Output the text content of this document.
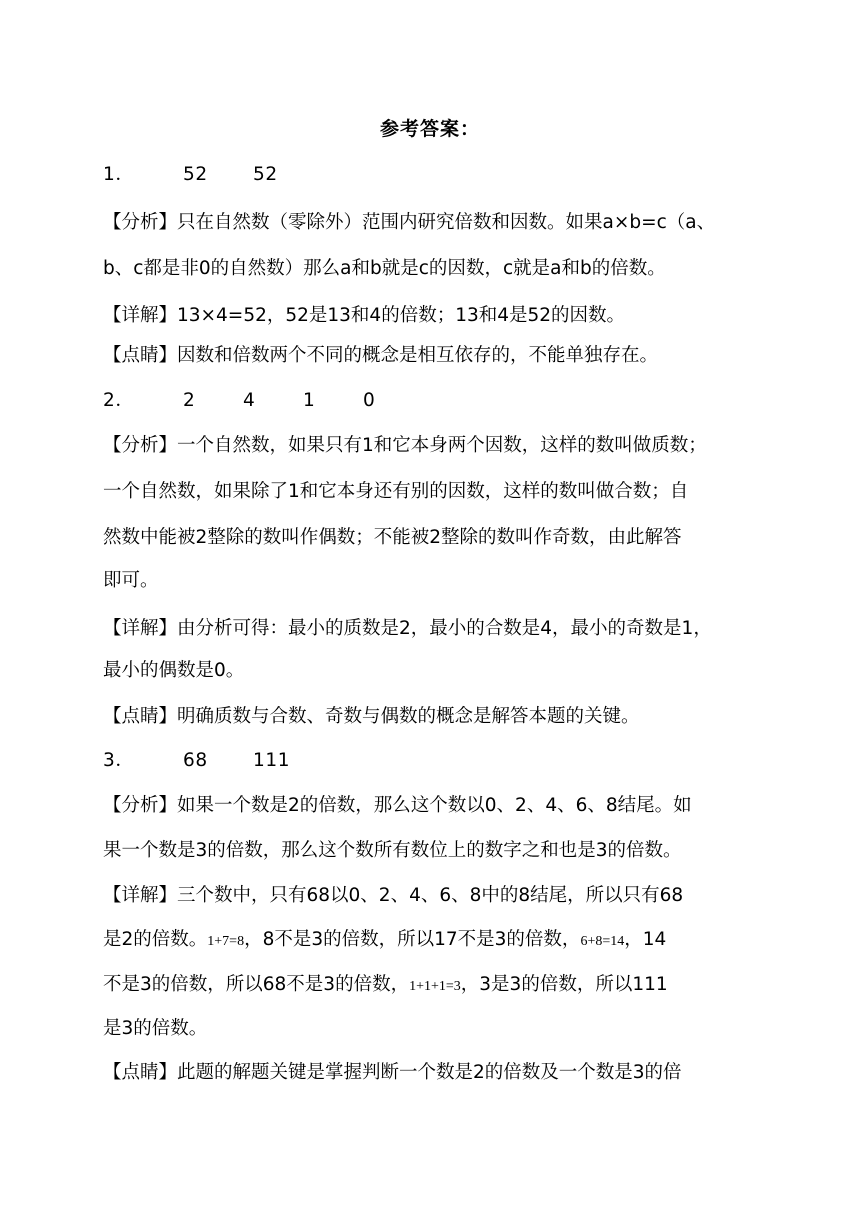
参考答案：
1．	52 52
【分析】只在自然数（零除外）范围内研究倍数和因数。如果a×b=c（a、
b、c都是非0的自然数）那么a和b就是c的因数，c就是a和b的倍数。
【详解】13×4=52，52是13和4的倍数；13和4是52的因数。
【点睛】因数和倍数两个不同的概念是相互依存的，不能单独存在。
2．	2	4	1	0
【分析】一个自然数，如果只有1和它本身两个因数，这样的数叫做质数；
一个自然数，如果除了1和它本身还有别的因数，这样的数叫做合数；自
然数中能被2整除的数叫作偶数；不能被2整除的数叫作奇数，由此解答
即可。
【详解】由分析可得：最小的质数是2，最小的合数是4，最小的奇数是1，
最小的偶数是0。
【点睛】明确质数与合数、奇数与偶数的概念是解答本题的关键。
3．	68 111
【分析】如果一个数是2的倍数，那么这个数以0、2、4、6、8结尾。如
果一个数是3的倍数，那么这个数所有数位上的数字之和也是3的倍数。
【详解】三个数中，只有68以0、2、4、6、8中的8结尾，所以只有68
是2的倍数。1+7=8，8不是3的倍数，所以17不是3的倍数，6+8=14，14
不是3的倍数，所以68不是3的倍数，1+1+1=3，3是3的倍数，所以111
是3的倍数。
【点睛】此题的解题关键是掌握判断一个数是2的倍数及一个数是3的倍
